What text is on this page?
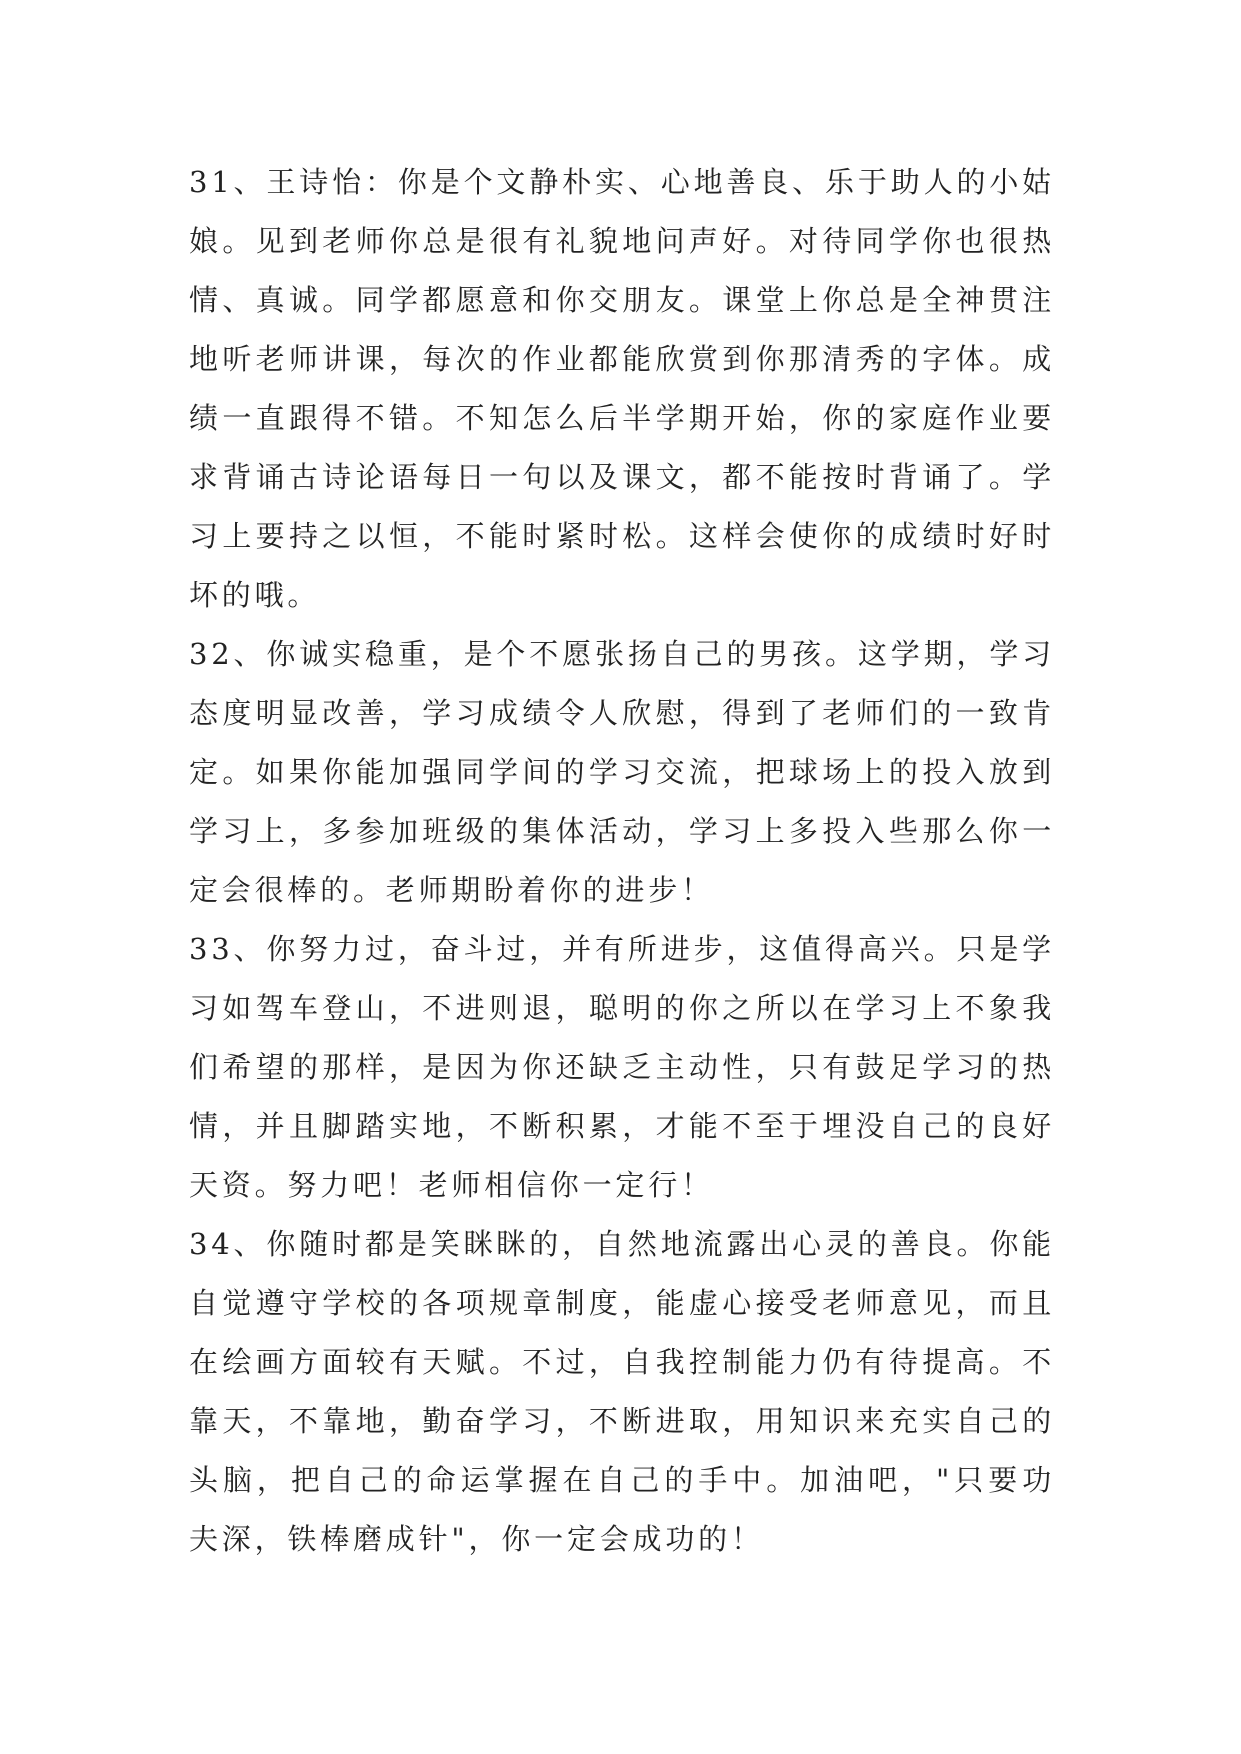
31、王诗怡：你是个文静朴实、心地善良、乐于助人的小姑娘。见到老师你总是很有礼貌地问声好。对待同学你也很热情、真诚。同学都愿意和你交朋友。课堂上你总是全神贯注地听老师讲课，每次的作业都能欣赏到你那清秀的字体。成绩一直跟得不错。不知怎么后半学期开始，你的家庭作业要求背诵古诗论语每日一句以及课文，都不能按时背诵了。学习上要持之以恒，不能时紧时松。这样会使你的成绩时好时坏的哦。

32、你诚实稳重，是个不愿张扬自己的男孩。这学期，学习态度明显改善，学习成绩令人欣慰，得到了老师们的一致肯定。如果你能加强同学间的学习交流，把球场上的投入放到学习上，多参加班级的集体活动，学习上多投入些那么你一定会很棒的。老师期盼着你的进步！

33、你努力过，奋斗过，并有所进步，这值得高兴。只是学习如驾车登山，不进则退，聪明的你之所以在学习上不象我们希望的那样，是因为你还缺乏主动性，只有鼓足学习的热情，并且脚踏实地，不断积累，才能不至于埋没自己的良好天资。努力吧！老师相信你一定行！

34、你随时都是笑眯眯的，自然地流露出心灵的善良。你能自觉遵守学校的各项规章制度，能虚心接受老师意见，而且在绘画方面较有天赋。不过，自我控制能力仍有待提高。不靠天，不靠地，勤奋学习，不断进取，用知识来充实自己的头脑，把自己的命运掌握在自己的手中。加油吧，"只要功夫深，铁棒磨成针"，你一定会成功的！
